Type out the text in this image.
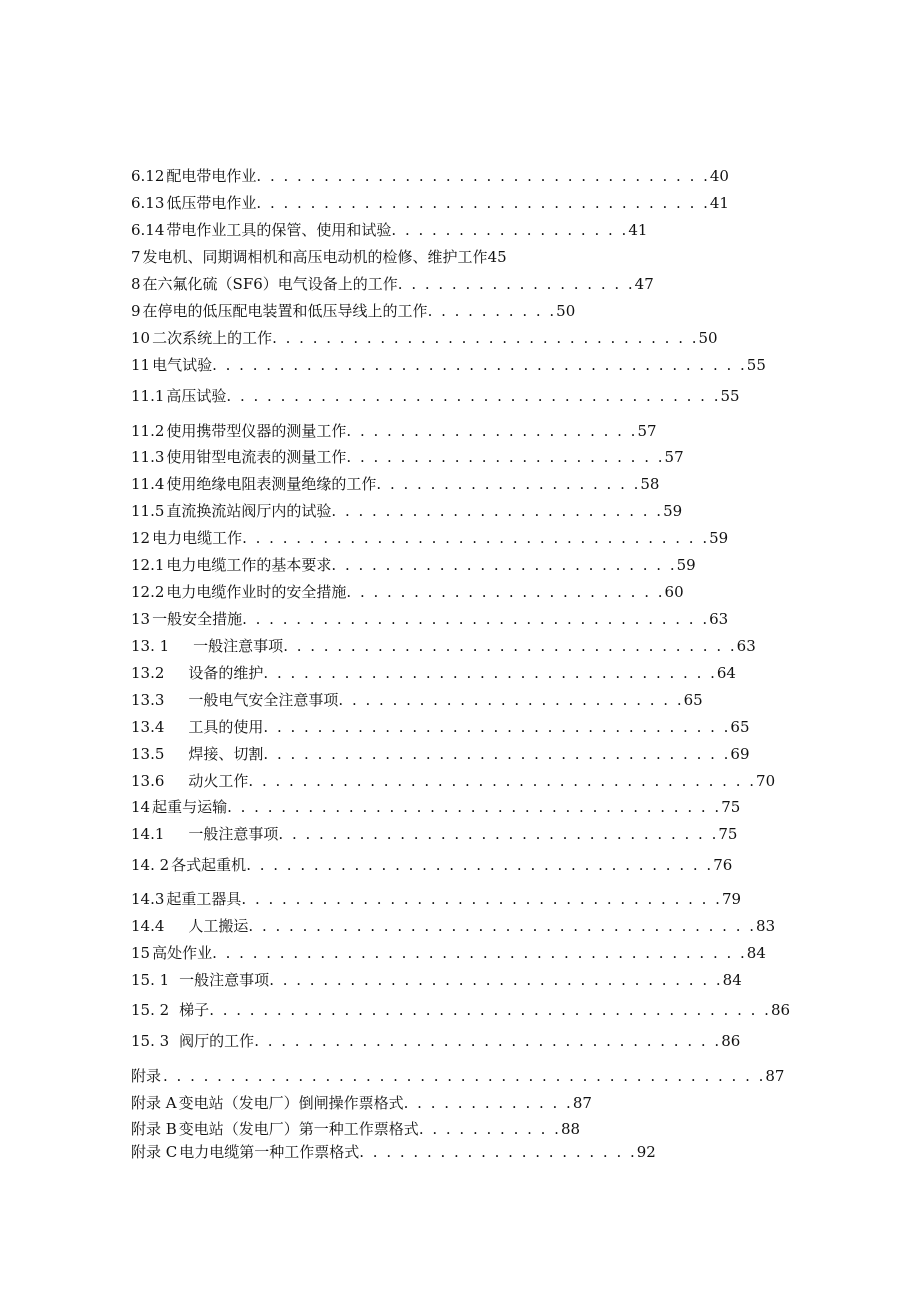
6.12 配电带电作业. . . . . . . . . . . . . . . . . . . . . . . . . . . . . . . . . .40
6.13 低压带电作业. . . . . . . . . . . . . . . . . . . . . . . . . . . . . . . . . .41
6.14 带电作业工具的保管、使用和试验. . . . . . . . . . . . . . . . . .41
7 发电机、同期调相机和高压电动机的检修、维护工作45
8 在六氟化硫（SF6）电气设备上的工作. . . . . . . . . . . . . . . . . .47
9 在停电的低压配电装置和低压导线上的工作. . . . . . . . . .50
10 二次系统上的工作. . . . . . . . . . . . . . . . . . . . . . . . . . . . . . . .50
11 电气试验. . . . . . . . . . . . . . . . . . . . . . . . . . . . . . . . . . . . . . . .55
11.1 高压试验. . . . . . . . . . . . . . . . . . . . . . . . . . . . . . . . . . . . .55
11.2 使用携带型仪器的测量工作. . . . . . . . . . . . . . . . . . . . . .57
11.3 使用钳型电流表的测量工作. . . . . . . . . . . . . . . . . . . . . . . .57
11.4 使用绝缘电阻表测量绝缘的工作. . . . . . . . . . . . . . . . . . . .58
11.5 直流换流站阀厅内的试验. . . . . . . . . . . . . . . . . . . . . . . . .59
12 电力电缆工作. . . . . . . . . . . . . . . . . . . . . . . . . . . . . . . . . . .59
12.1 电力电缆工作的基本要求. . . . . . . . . . . . . . . . . . . . . . . . . .59
12.2 电力电缆作业时的安全措施. . . . . . . . . . . . . . . . . . . . . . . .60
13 一般安全措施. . . . . . . . . . . . . . . . . . . . . . . . . . . . . . . . . . .63
13. 1 一般注意事项. . . . . . . . . . . . . . . . . . . . . . . . . . . . . . . . . .63
13.2 设备的维护. . . . . . . . . . . . . . . . . . . . . . . . . . . . . . . . . .64
13.3 一般电气安全注意事项. . . . . . . . . . . . . . . . . . . . . . . . . .65
13.4 工具的使用. . . . . . . . . . . . . . . . . . . . . . . . . . . . . . . . . . .65
13.5 焊接、切割. . . . . . . . . . . . . . . . . . . . . . . . . . . . . . . . . . .69
13.6 动火工作. . . . . . . . . . . . . . . . . . . . . . . . . . . . . . . . . . . . . .70
14 起重与运输. . . . . . . . . . . . . . . . . . . . . . . . . . . . . . . . . . . . .75
14.1 一般注意事项. . . . . . . . . . . . . . . . . . . . . . . . . . . . . . . . .75
14. 2 各式起重机. . . . . . . . . . . . . . . . . . . . . . . . . . . . . . . . . . .76
14.3 起重工器具. . . . . . . . . . . . . . . . . . . . . . . . . . . . . . . . . . . .79
14.4 人工搬运. . . . . . . . . . . . . . . . . . . . . . . . . . . . . . . . . . . . . .83
15 高处作业. . . . . . . . . . . . . . . . . . . . . . . . . . . . . . . . . . . . . . . .84
15. 1 一般注意事项. . . . . . . . . . . . . . . . . . . . . . . . . . . . . . . . . .84
15. 2 梯子. . . . . . . . . . . . . . . . . . . . . . . . . . . . . . . . . . . . . . . . . .86
15. 3 阀厅的工作. . . . . . . . . . . . . . . . . . . . . . . . . . . . . . . . . . .86
附录. . . . . . . . . . . . . . . . . . . . . . . . . . . . . . . . . . . . . . . . . . . . .87
附录 A 变电站（发电厂）倒闸操作票格式. . . . . . . . . . . . .87
附录 B 变电站（发电厂）第一种工作票格式. . . . . . . . . . .88
附录 C 电力电缆第一种工作票格式. . . . . . . . . . . . . . . . . . . . .92
